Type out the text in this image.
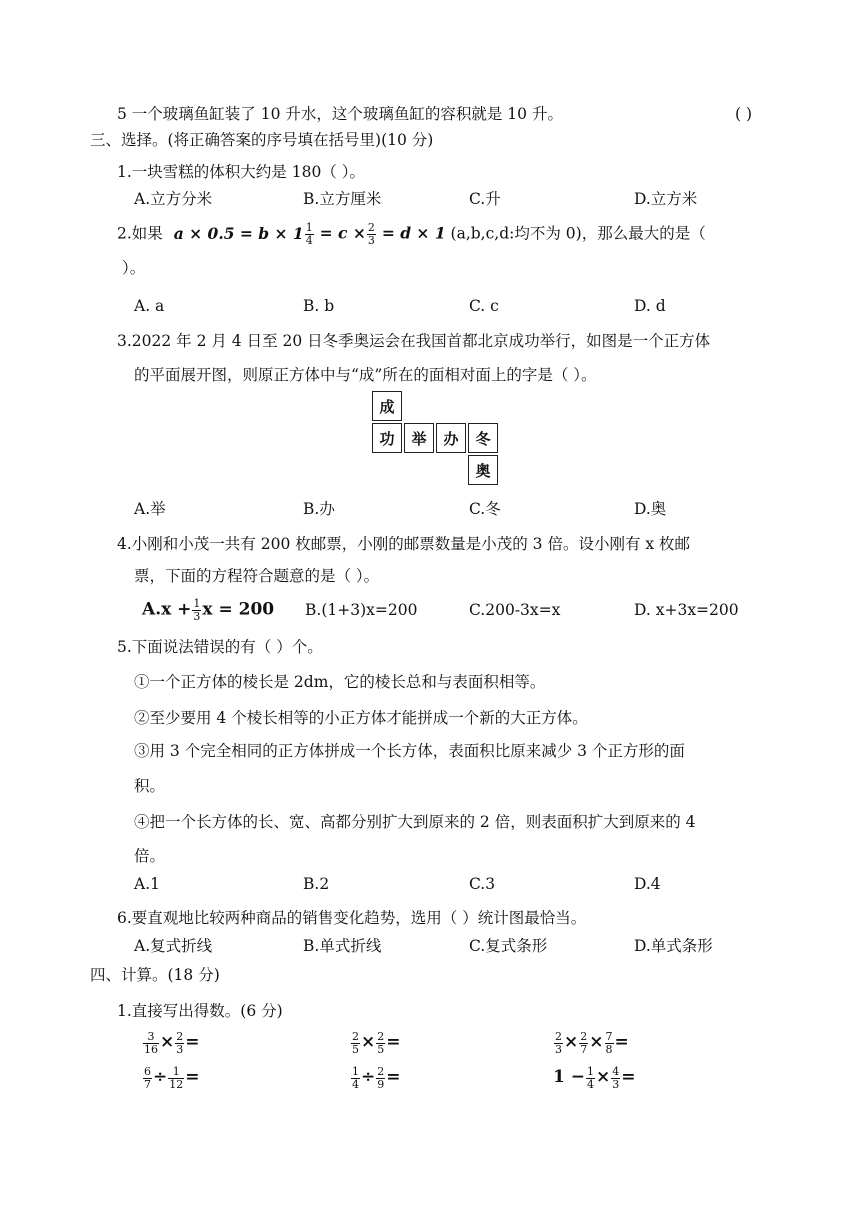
5 一个玻璃鱼缸装了 10 升水，这个玻璃鱼缸的容积就是 10 升。	( )
三、选择。(将正确答案的序号填在括号里)(10 分)
1.一块雪糕的体积大约是 180（ ）。
A.立方分米	B.立方厘米	C.升	D.立方米
2.如果 $a \times 0.5 = b \times 1 \frac{1}{4} = c \times \frac{2}{3} = d \times 1$ (a,b,c,d:均不为 0)，那么最大的是（
）。
A. a	B. b	C. c	D. d
3.2022 年 2 月 4 日至 20 日冬季奥运会在我国首都北京成功举行，如图是一个正方体
的平面展开图，则原正方体中与“成”所在的面相对面上的字是（ ）。
成
功	举	办	冬
奥
A.举	B.办	C.冬	D.奥
4.小刚和小茂一共有 200 枚邮票，小刚的邮票数量是小茂的 3 倍。设小刚有 x 枚邮
票，下面的方程符合题意的是（ ）。
$A.x + \frac{1}{3}$ x = 200 B.(1+3)x=200	C.200-3x=x	D. x+3x=200
5.下面说法错误的有（ ）个。
①一个正方体的棱长是 2dm，它的棱长总和与表面积相等。
②至少要用 4 个棱长相等的小正方体才能拼成一个新的大正方体。
③用 3 个完全相同的正方体拼成一个长方体，表面积比原来减少 3 个正方形的面
积。
④把一个长方体的长、宽、高都分别扩大到原来的 2 倍，则表面积扩大到原来的 4
倍。
A.1	B.2	C.3	D.4
6.要直观地比较两种商品的销售变化趋势，选用（ ）统计图最恰当。
A.复式折线	B.单式折线	C.复式条形	D.单式条形
四、计算。(18 分)
1.直接写出得数。(6 分)
$\frac{3}{16} \times \frac{2}{3}$ =	$\frac{2}{5} \times \frac{2}{5}$ =	$\frac{2}{3} \times \frac{2}{7} \times \frac{7}{8}$ =
$\frac{6}{7} \div \frac{1}{12}$ =	$\frac{1}{4} \div \frac{2}{9}$ =	$1 - \frac{1}{4} \times \frac{4}{3}$ =
